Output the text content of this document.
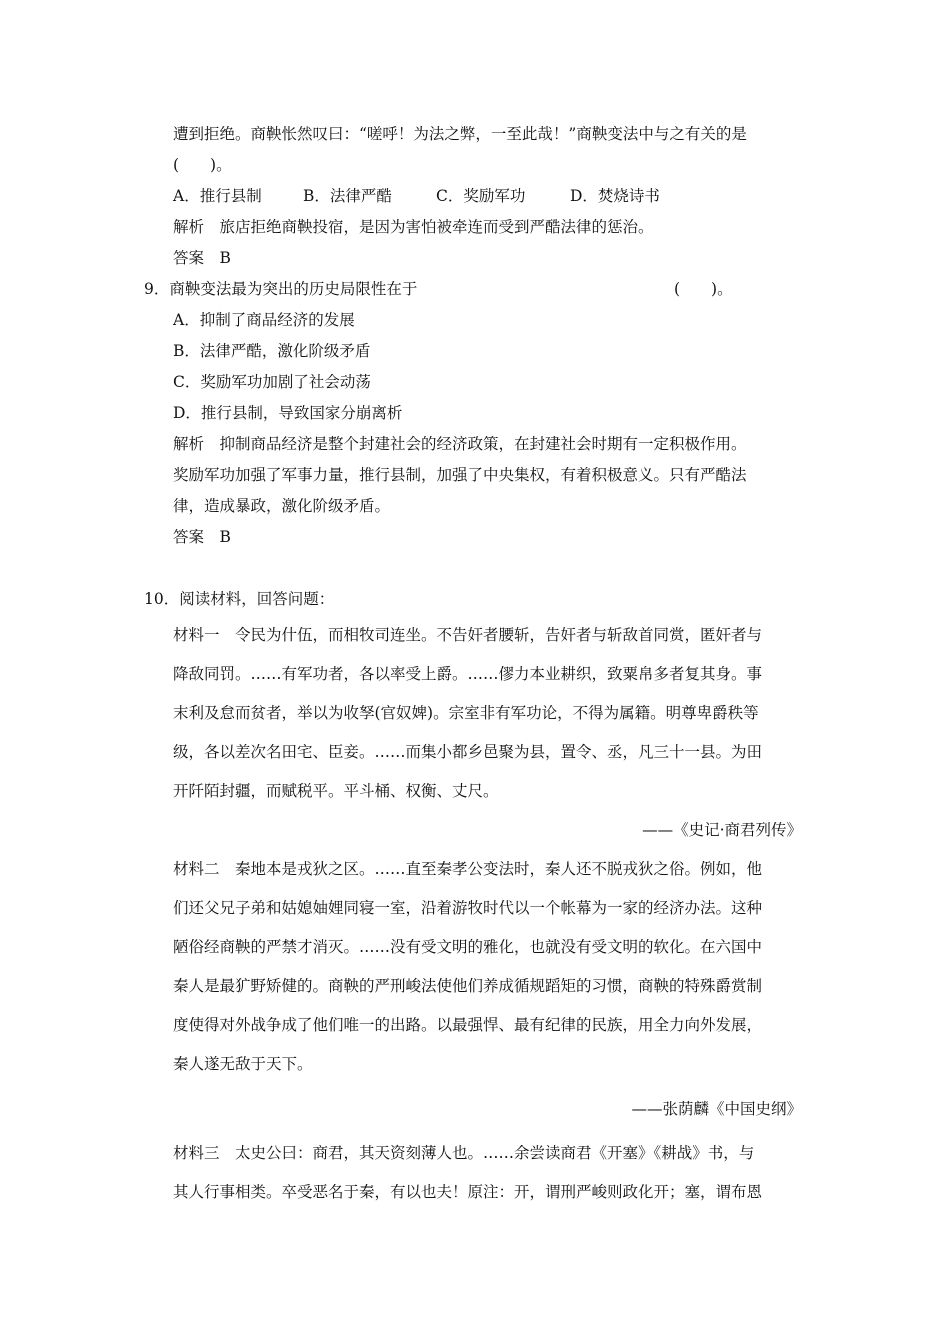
遭到拒绝。商鞅怅然叹曰：“嗟呼！为法之弊，一至此哉！”商鞅变法中与之有关的是
(　　)。
A．推行县制	B．法律严酷	C．奖励军功	D．焚烧诗书
解析　旅店拒绝商鞅投宿，是因为害怕被牵连而受到严酷法律的惩治。
答案　B
9．商鞅变法最为突出的历史局限性在于	(　　)。
A．抑制了商品经济的发展
B．法律严酷，激化阶级矛盾
C．奖励军功加剧了社会动荡
D．推行县制，导致国家分崩离析
解析　抑制商品经济是整个封建社会的经济政策，在封建社会时期有一定积极作用。
奖励军功加强了军事力量，推行县制，加强了中央集权，有着积极意义。只有严酷法
律，造成暴政，激化阶级矛盾。
答案　B
10．阅读材料，回答问题：
材料一　令民为什伍，而相牧司连坐。不告奸者腰斩，告奸者与斩敌首同赏，匿奸者与
降敌同罚。……有军功者，各以率受上爵。……僇力本业耕织，致粟帛多者复其身。事
末利及怠而贫者，举以为收孥(官奴婢)。宗室非有军功论，不得为属籍。明尊卑爵秩等
级，各以差次名田宅、臣妾。……而集小都乡邑聚为县，置令、丞，凡三十一县。为田
开阡陌封疆，而赋税平。平斗桶、权衡、丈尺。
——《史记·商君列传》
材料二　秦地本是戎狄之区。……直至秦孝公变法时，秦人还不脱戎狄之俗。例如，他
们还父兄子弟和姑媳妯娌同寝一室，沿着游牧时代以一个帐幕为一家的经济办法。这种
陋俗经商鞅的严禁才消灭。……没有受文明的雅化，也就没有受文明的软化。在六国中
秦人是最犷野矫健的。商鞅的严刑峻法使他们养成循规蹈矩的习惯，商鞅的特殊爵赏制
度使得对外战争成了他们唯一的出路。以最强悍、最有纪律的民族，用全力向外发展，
秦人遂无敌于天下。
——张荫麟《中国史纲》
材料三　太史公曰：商君，其天资刻薄人也。……余尝读商君《开塞》《耕战》书，与
其人行事相类。卒受恶名于秦，有以也夫！原注：开，谓刑严峻则政化开；塞，谓布恩
